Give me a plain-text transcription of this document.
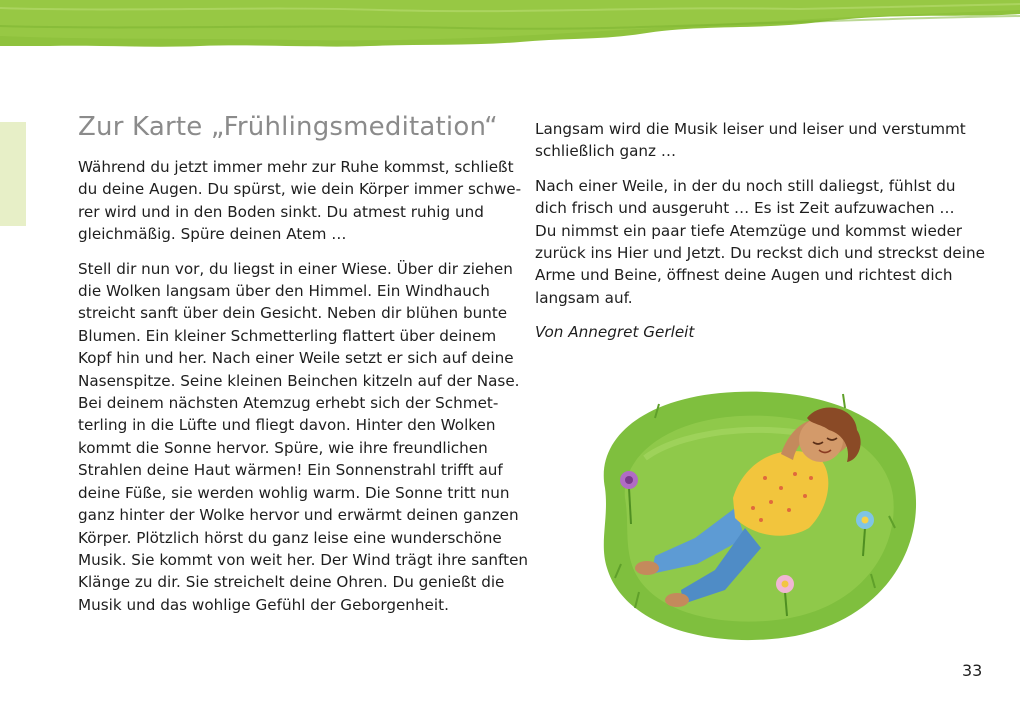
Zur Karte „Frühlingsmeditation“

Während du jetzt immer mehr zur Ruhe kommst, schließt
du deine Augen. Du spürst, wie dein Körper immer schwe-
rer wird und in den Boden sinkt. Du atmest ruhig und
gleichmäßig. Spüre deinen Atem …

Stell dir nun vor, du liegst in einer Wiese. Über dir ziehen
die Wolken langsam über den Himmel. Ein Windhauch
streicht sanft über dein Gesicht. Neben dir blühen bunte
Blumen. Ein kleiner Schmetterling flattert über deinem
Kopf hin und her. Nach einer Weile setzt er sich auf deine
Nasenspitze. Seine kleinen Beinchen kitzeln auf der Nase.
Bei deinem nächsten Atemzug erhebt sich der Schmet-
terling in die Lüfte und fliegt davon. Hinter den Wolken
kommt die Sonne hervor. Spüre, wie ihre freundlichen
Strahlen deine Haut wärmen! Ein Sonnenstrahl trifft auf
deine Füße, sie werden wohlig warm. Die Sonne tritt nun
ganz hinter der Wolke hervor und erwärmt deinen ganzen
Körper. Plötzlich hörst du ganz leise eine wunderschöne
Musik. Sie kommt von weit her. Der Wind trägt ihre sanften
Klänge zu dir. Sie streichelt deine Ohren. Du genießt die
Musik und das wohlige Gefühl der Geborgenheit.

Langsam wird die Musik leiser und leiser und verstummt
schließlich ganz …

Nach einer Weile, in der du noch still daliegst, fühlst du
dich frisch und ausgeruht … Es ist Zeit aufzuwachen …
Du nimmst ein paar tiefe Atemzüge und kommst wieder
zurück ins Hier und Jetzt. Du reckst dich und streckst deine
Arme und Beine, öffnest deine Augen und richtest dich
langsam auf.

Von Annegret Gerleit

33
